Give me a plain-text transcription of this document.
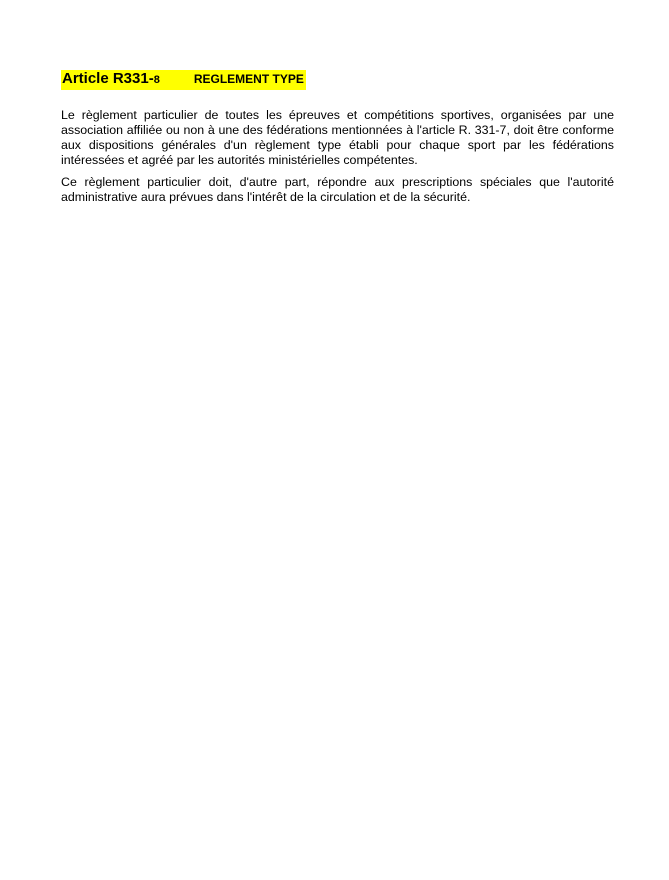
Article R331-8	REGLEMENT TYPE

Le règlement particulier de toutes les épreuves et compétitions sportives, organisées par une association affiliée ou non à une des fédérations mentionnées à l'article R. 331-7, doit être conforme aux dispositions générales d'un règlement type établi pour chaque sport par les fédérations intéressées et agréé par les autorités ministérielles compétentes.

Ce règlement particulier doit, d'autre part, répondre aux prescriptions spéciales que l'autorité administrative aura prévues dans l'intérêt de la circulation et de la sécurité.
